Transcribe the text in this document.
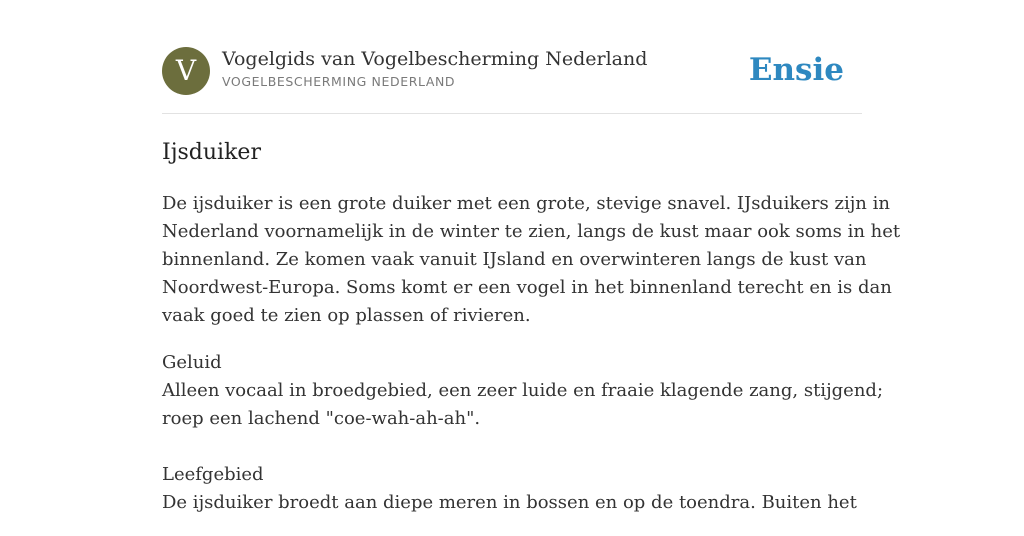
V	Vogelgids van Vogelbescherming Nederland
VOGELBESCHERMING NEDERLAND	Ensie
Ijsduiker

De ijsduiker is een grote duiker met een grote, stevige snavel. IJsduikers zijn in
Nederland voornamelijk in de winter te zien, langs de kust maar ook soms in het
binnenland. Ze komen vaak vanuit IJsland en overwinteren langs de kust van
Noordwest-Europa. Soms komt er een vogel in het binnenland terecht en is dan
vaak goed te zien op plassen of rivieren.

Geluid
Alleen vocaal in broedgebied, een zeer luide en fraaie klagende zang, stijgend;
roep een lachend "coe-wah-ah-ah".
Leefgebied
De ijsduiker broedt aan diepe meren in bossen en op de toendra. Buiten het
